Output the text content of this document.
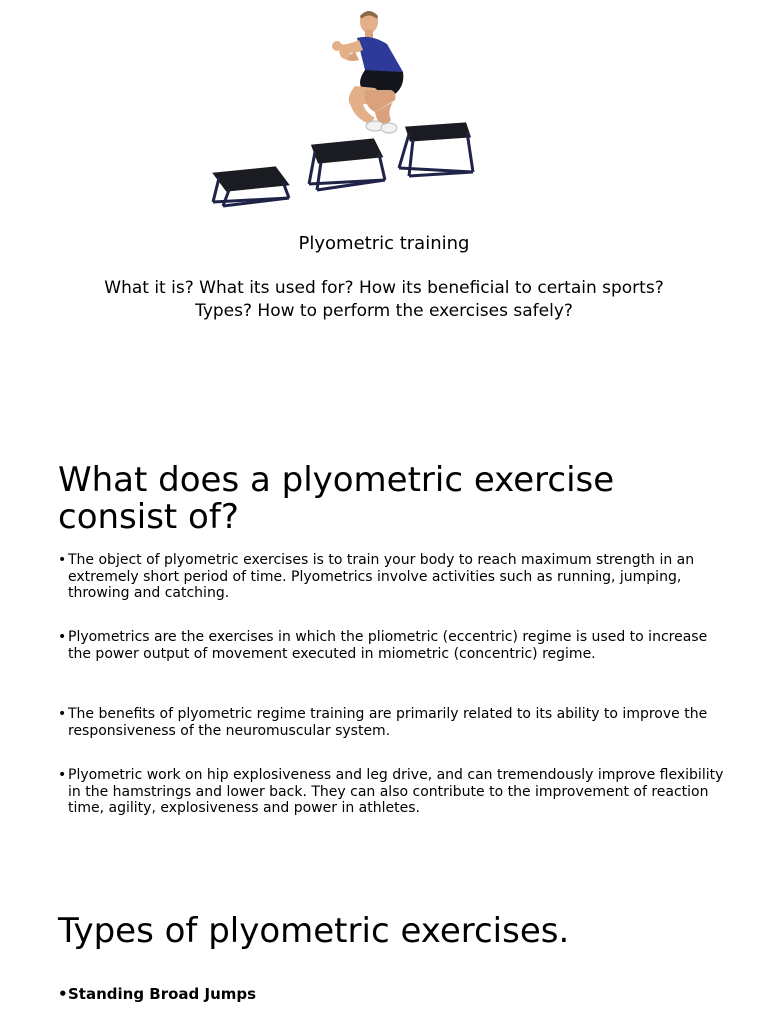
Plyometric training
What it is? What its used for? How its beneficial to certain sports? Types? How to perform the exercises safely?
What does a plyometric exercise consist of?
• The object of plyometric exercises is to train your body to reach maximum strength in an extremely short period of time. Plyometrics involve activities such as running, jumping, throwing and catching.
• Plyometrics are the exercises in which the pliometric (eccentric) regime is used to increase the power output of movement executed in miometric (concentric) regime.
• The benefits of plyometric regime training are primarily related to its ability to improve the responsiveness of the neuromuscular system.
• Plyometric work on hip explosiveness and leg drive, and can tremendously improve flexibility in the hamstrings and lower back. They can also contribute to the improvement of reaction time, agility, explosiveness and power in athletes.
Types of plyometric exercises.
• Standing Broad Jumps
